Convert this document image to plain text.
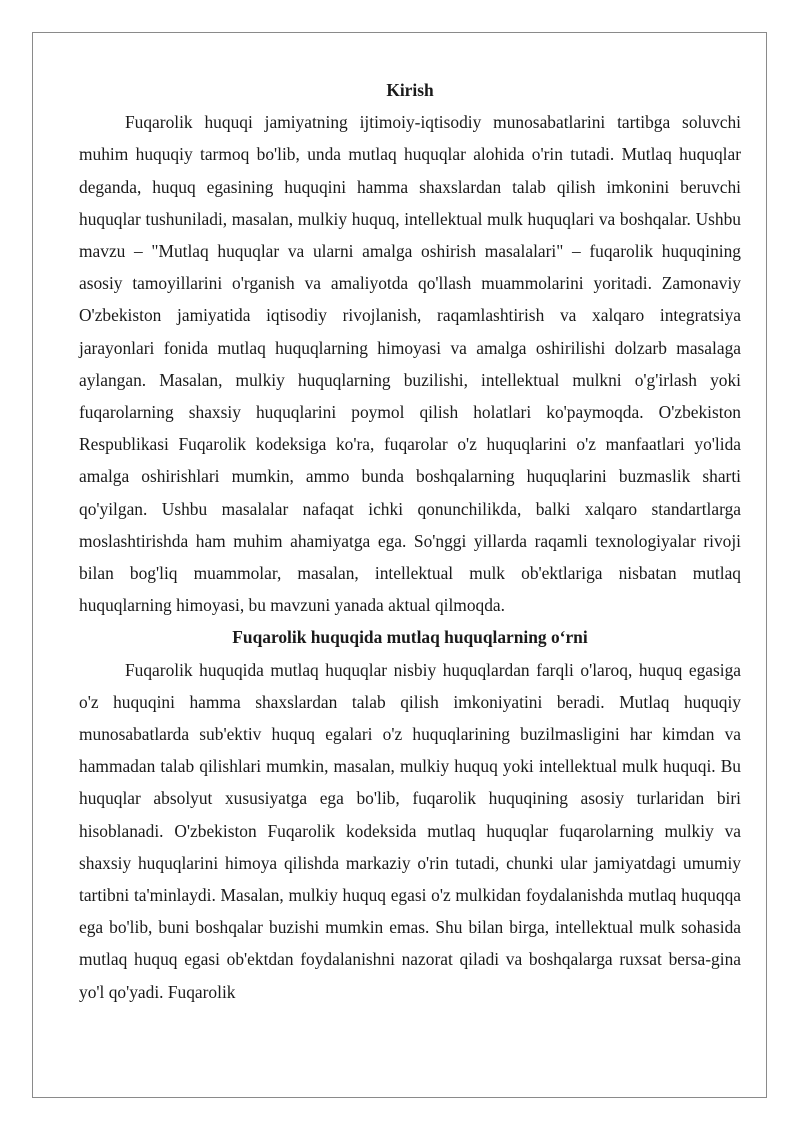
Kirish

Fuqarolik huquqi jamiyatning ijtimoiy-iqtisodiy munosabatlarini tartibga soluvchi muhim huquqiy tarmoq bo'lib, unda mutlaq huquqlar alohida o'rin tutadi. Mutlaq huquqlar deganda, huquq egasining huquqini hamma shaxslardan talab qilish imkonini beruvchi huquqlar tushuniladi, masalan, mulkiy huquq, intellektual mulk huquqlari va boshqalar. Ushbu mavzu – "Mutlaq huquqlar va ularni amalga oshirish masalalari" – fuqarolik huquqining asosiy tamoyillarini o'rganish va amaliyotda qo'llash muammolarini yoritadi. Zamonaviy O'zbekiston jamiyatida iqtisodiy rivojlanish, raqamlashtirish va xalqaro integratsiya jarayonlari fonida mutlaq huquqlarning himoyasi va amalga oshirilishi dolzarb masalaga aylangan. Masalan, mulkiy huquqlarning buzilishi, intellektual mulkni o'g'irlash yoki fuqarolarning shaxsiy huquqlarini poymol qilish holatlari ko'paymoqda. O'zbekiston Respublikasi Fuqarolik kodeksiga ko'ra, fuqarolar o'z huquqlarini o'z manfaatlari yo'lida amalga oshirishlari mumkin, ammo bunda boshqalarning huquqlarini buzmaslik sharti qo'yilgan. Ushbu masalalar nafaqat ichki qonunchilikda, balki xalqaro standartlarga moslashtirishda ham muhim ahamiyatga ega. So'nggi yillarda raqamli texnologiyalar rivoji bilan bog'liq muammolar, masalan, intellektual mulk ob'ektlariga nisbatan mutlaq huquqlarning himoyasi, bu mavzuni yanada aktual qilmoqda.

Fuqarolik huquqida mutlaq huquqlarning o‘rni

Fuqarolik huquqida mutlaq huquqlar nisbiy huquqlardan farqli o'laroq, huquq egasiga o'z huquqini hamma shaxslardan talab qilish imkoniyatini beradi. Mutlaq huquqiy munosabatlarda sub'ektiv huquq egalari o'z huquqlarining buzilmasligini har kimdan va hammadan talab qilishlari mumkin, masalan, mulkiy huquq yoki intellektual mulk huquqi. Bu huquqlar absolyut xususiyatga ega bo'lib, fuqarolik huquqining asosiy turlaridan biri hisoblanadi. O'zbekiston Fuqarolik kodeksida mutlaq huquqlar fuqarolarning mulkiy va shaxsiy huquqlarini himoya qilishda markaziy o'rin tutadi, chunki ular jamiyatdagi umumiy tartibni ta'minlaydi. Masalan, mulkiy huquq egasi o'z mulkidan foydalanishda mutlaq huquqqa ega bo'lib, buni boshqalar buzishi mumkin emas. Shu bilan birga, intellektual mulk sohasida mutlaq huquq egasi ob'ektdan foydalanishni nazorat qiladi va boshqalarga ruxsat bersa-gina yo'l qo'yadi. Fuqarolik
